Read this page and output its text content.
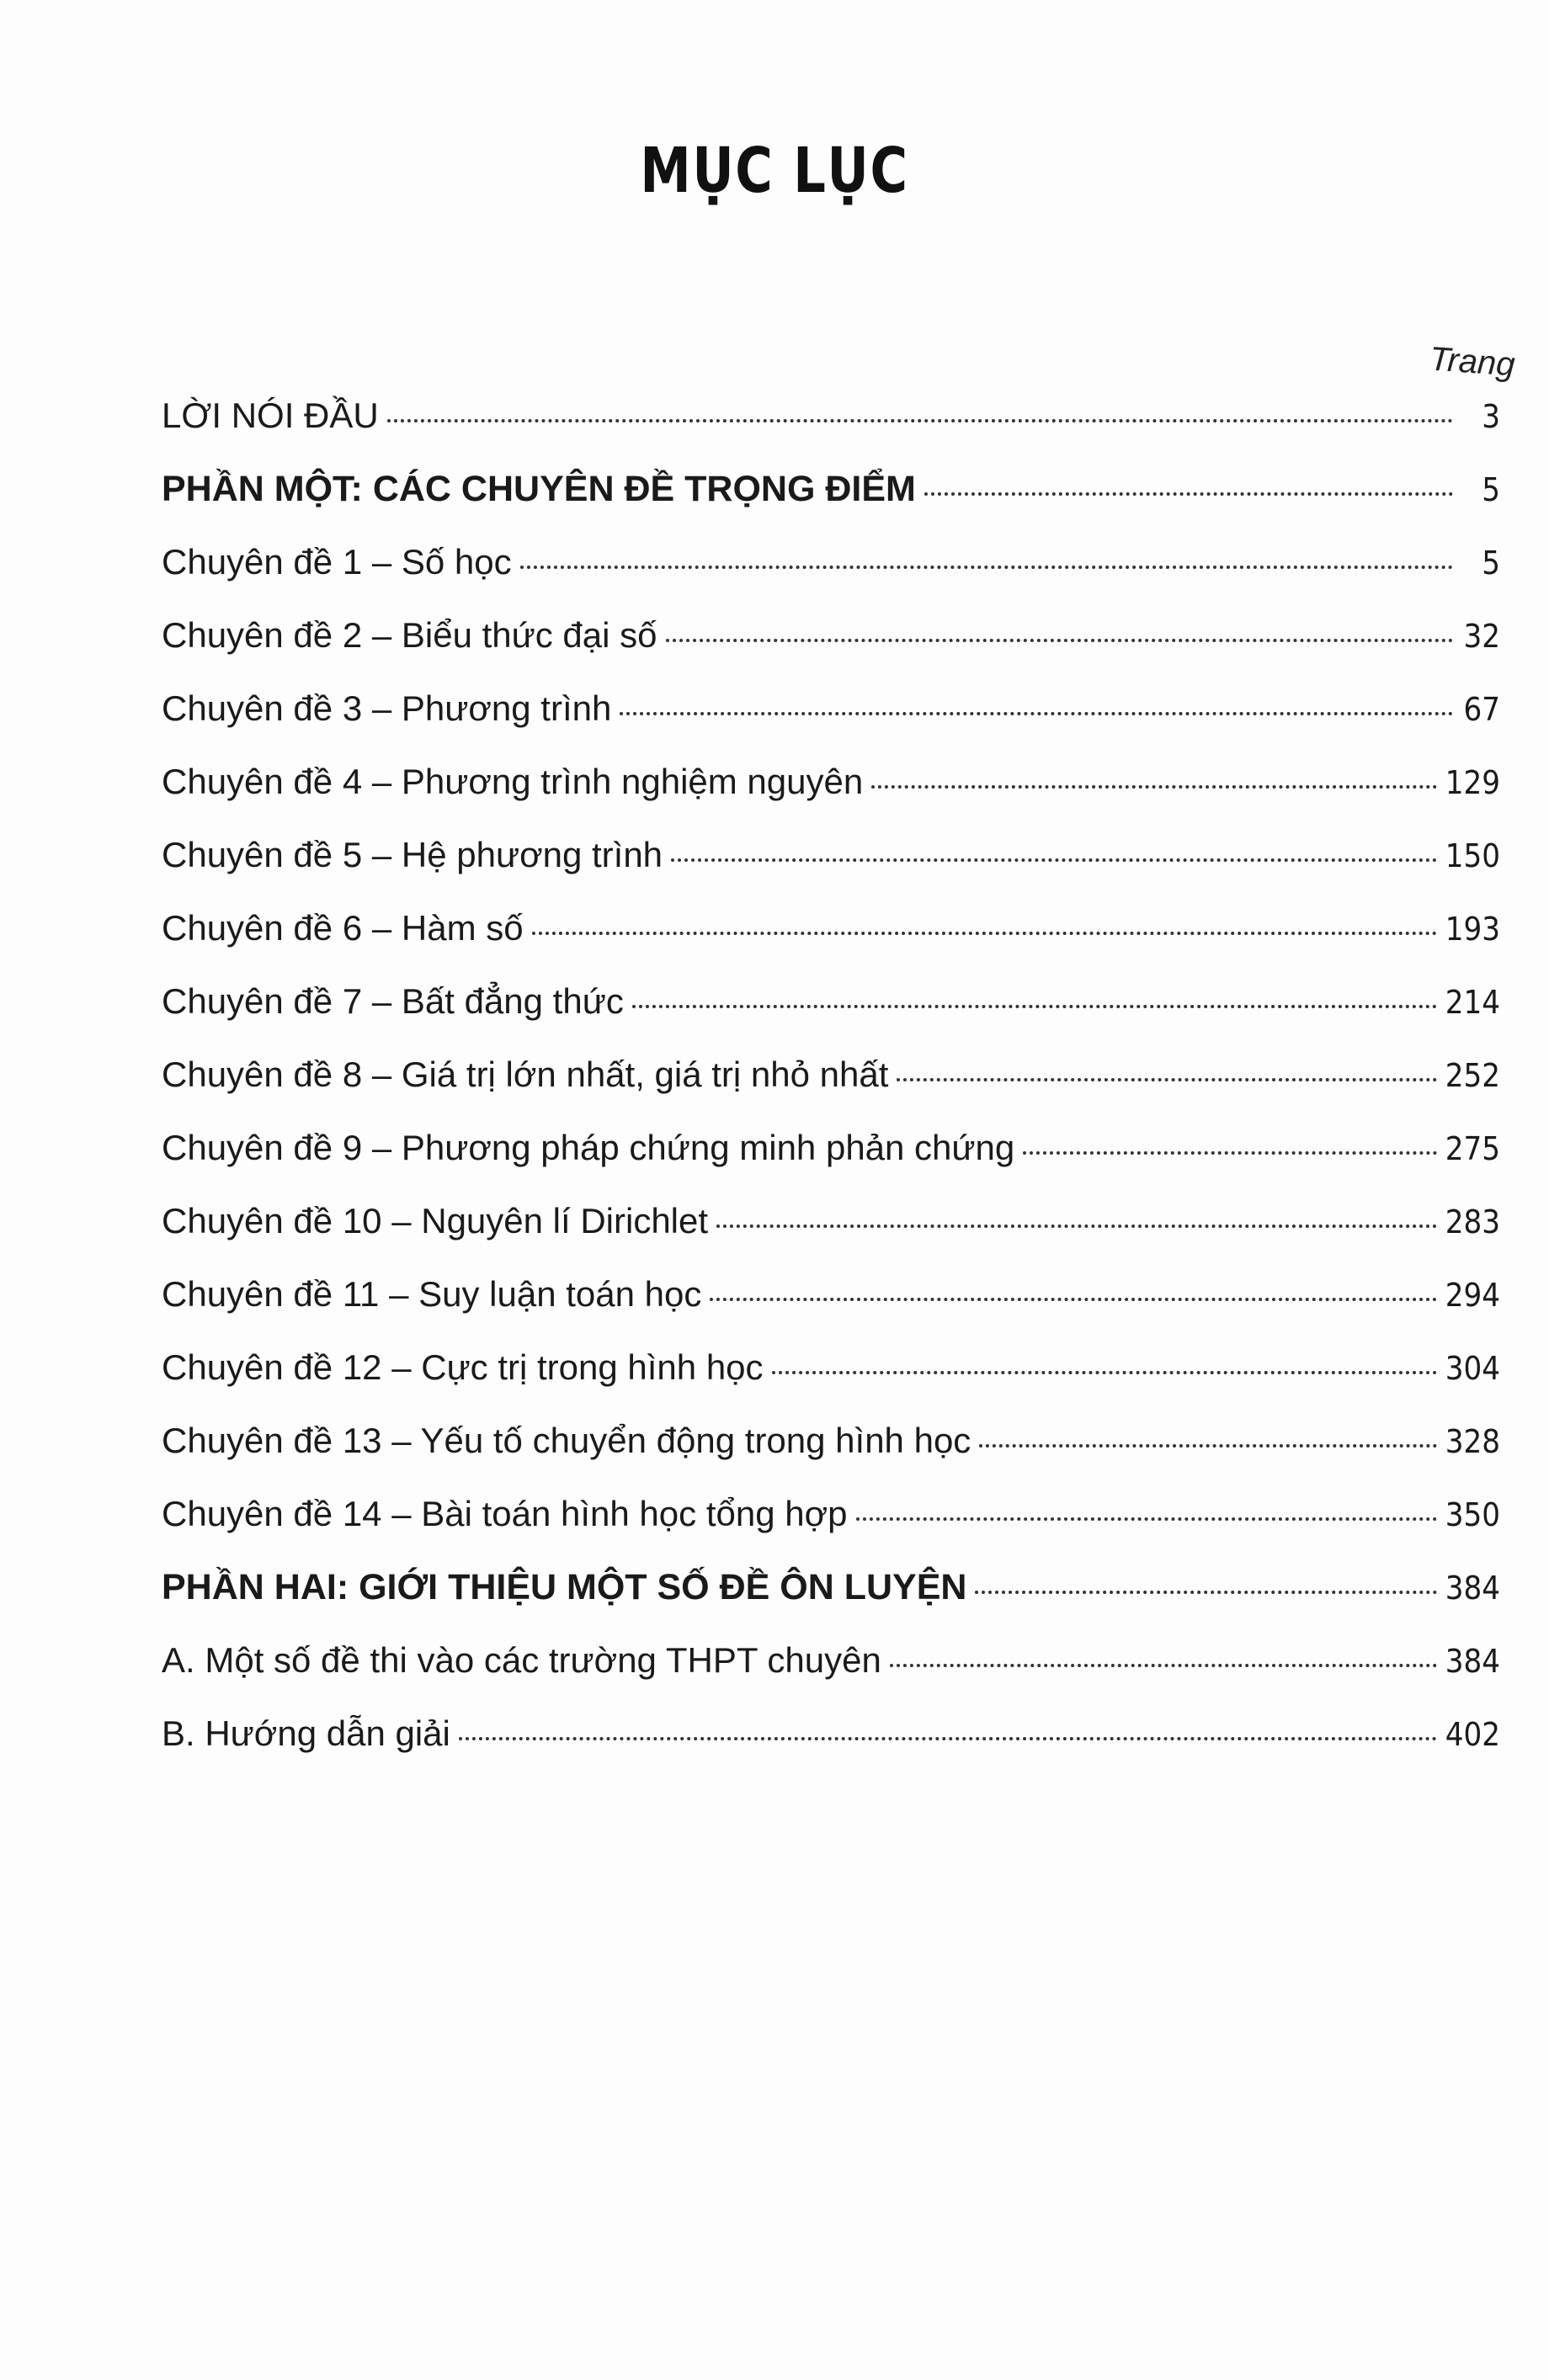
MỤC LỤC
Trang
LỜI NÓI ĐẦU	3
PHẦN MỘT: CÁC CHUYÊN ĐỀ TRỌNG ĐIỂM	5
Chuyên đề 1 – Số học	5
Chuyên đề 2 – Biểu thức đại số	32
Chuyên đề 3 – Phương trình	67
Chuyên đề 4 – Phương trình nghiệm nguyên	129
Chuyên đề 5 – Hệ phương trình	150
Chuyên đề 6 – Hàm số	193
Chuyên đề 7 – Bất đẳng thức	214
Chuyên đề 8 – Giá trị lớn nhất, giá trị nhỏ nhất	252
Chuyên đề 9 – Phương pháp chứng minh phản chứng	275
Chuyên đề 10 – Nguyên lí Dirichlet	283
Chuyên đề 11 – Suy luận toán học	294
Chuyên đề 12 – Cực trị trong hình học	304
Chuyên đề 13 – Yếu tố chuyển động trong hình học	328
Chuyên đề 14 – Bài toán hình học tổng hợp	350
PHẦN HAI: GIỚI THIỆU MỘT SỐ ĐỀ ÔN LUYỆN	384
A. Một số đề thi vào các trường THPT chuyên	384
B. Hướng dẫn giải	402
